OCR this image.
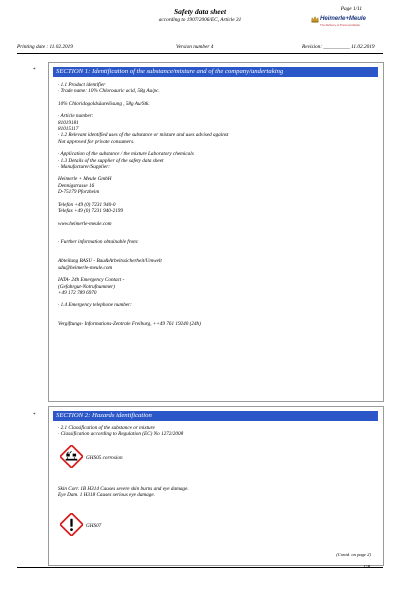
Page 1/11
Safety data sheet
according to 1907/2006/EC, Article 31	Heimerle+Meule
The Refinery of Precious Metals
Printing date : 11.02.2019	Version number 4	Revision: __________ 11.02.2019
*	SECTION 1: Identification of the substance/mixture and of the company/undertaking
· 1.1 Product identifier
· Trade name: 10% Chloroauric acid, 58g Au/pc.
10% Chloridogoldsäurelösung , 58g Au/Stk.
· Article number:
81019181
81015117
· 1.2 Relevant identified uses of the substance or mixture and uses advised against
Not approved for private consumers.
· Application of the substance / the mixture Laboratory chemicals
· 1.3 Details of the supplier of the safety data sheet
· Manufacturer/Supplier:
Heimerle + Meule GmbH
Dennigstrasse 16
D-75179 Pforzheim
Telefon +49 (0) 7231 940-0
Telefax +49 (0) 7231 940-2199
www.heimerle-meule.com
· Further information obtainable from:
Abteilung BASU - Bau&Arbeitssicherheit/Umwelt
sdu@heimerle-meule.com
IATA- 24h Emergency Contact -
(Gefahrgut-Notrufnummer)
+49 172 789 6970
· 1.4 Emergency telephone number:
Vergiftungs- Informations-Zentrale Freiburg, ++49 761 19240 (24h)
*	SECTION 2: Hazards identification
· 2.1 Classification of the substance or mixture
· Classification according to Regulation (EC) No 1272/2008
GHS05 corrosion
Skin Corr. 1B H314 Causes severe skin burns and eye damage.
Eye Dam. 1 H318 Causes serious eye damage.
GHS07
(Contd. on page 2)
GB
